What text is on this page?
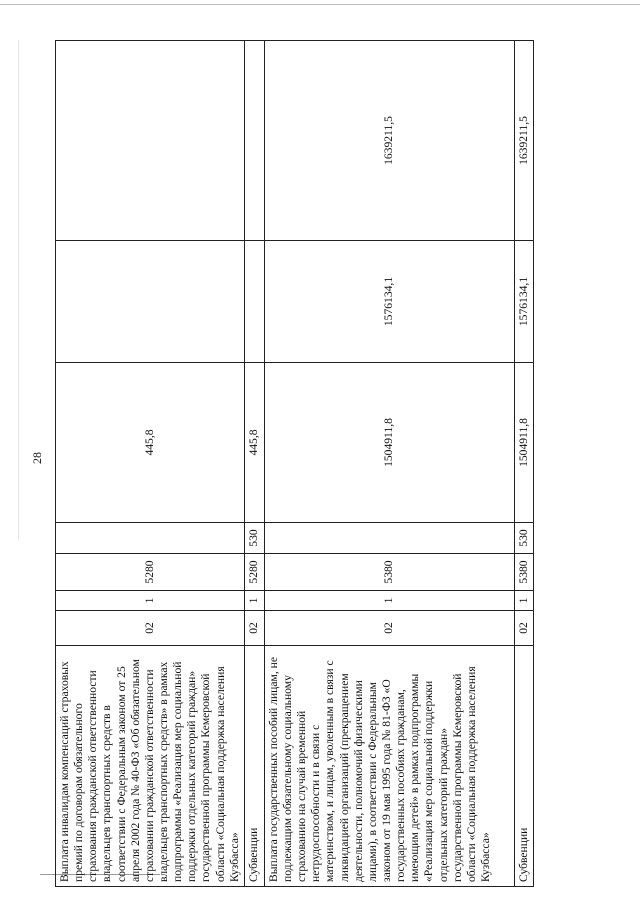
28
Выплата инвалидам компенсаций страховых премий по договорам обязательного страхования гражданской ответственности владельцев транспортных средств в соответствии с Федеральным законом от 25 апреля 2002 года № 40-ФЗ «Об обязательном страховании гражданской ответственности владельцев транспортных средств» в рамках подпрограммы «Реализация мер социальной поддержки отдельных категорий граждан» государственной программы Кемеровской области «Социальная поддержка населения Кузбасса»	02	1	5280		445,8		
Субвенции	02	1	5280	530	445,8		
Выплата государственных пособий лицам, не подлежащим обязательному социальному страхованию на случай временной нетрудоспособности и в связи с материнством, и лицам, уволенным в связи с ликвидацией организаций (прекращением деятельности, полномочий физическими лицами), в соответствии с Федеральным законом от 19 мая 1995 года № 81-ФЗ «О государственных пособиях гражданам, имеющим детей» в рамках подпрограммы «Реализация мер социальной поддержки отдельных категорий граждан» государственной программы Кемеровской области «Социальная поддержка населения Кузбасса»	02	1	5380		1504911,8	1576134,1	1639211,5
Субвенции	02	1	5380	530	1504911,8	1576134,1	1639211,5
